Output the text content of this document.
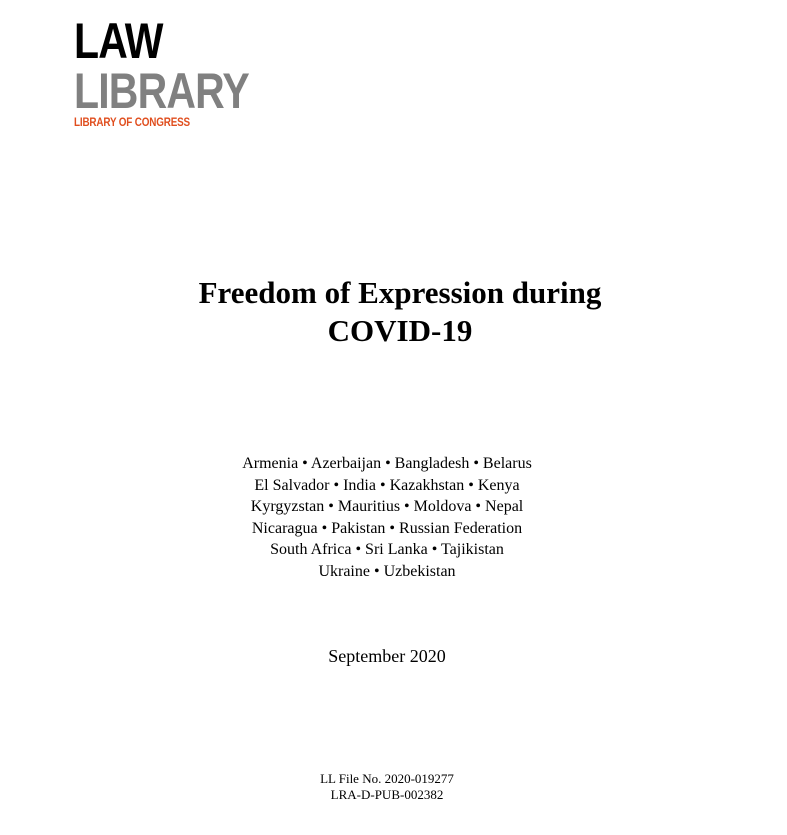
LAW
LIBRARY
LIBRARY OF CONGRESS
Freedom of Expression during
COVID-19
Armenia • Azerbaijan • Bangladesh • Belarus
El Salvador • India • Kazakhstan • Kenya
Kyrgyzstan • Mauritius • Moldova • Nepal
Nicaragua • Pakistan • Russian Federation
South Africa • Sri Lanka • Tajikistan
Ukraine • Uzbekistan
September 2020
LL File No. 2020-019277
LRA-D-PUB-002382
